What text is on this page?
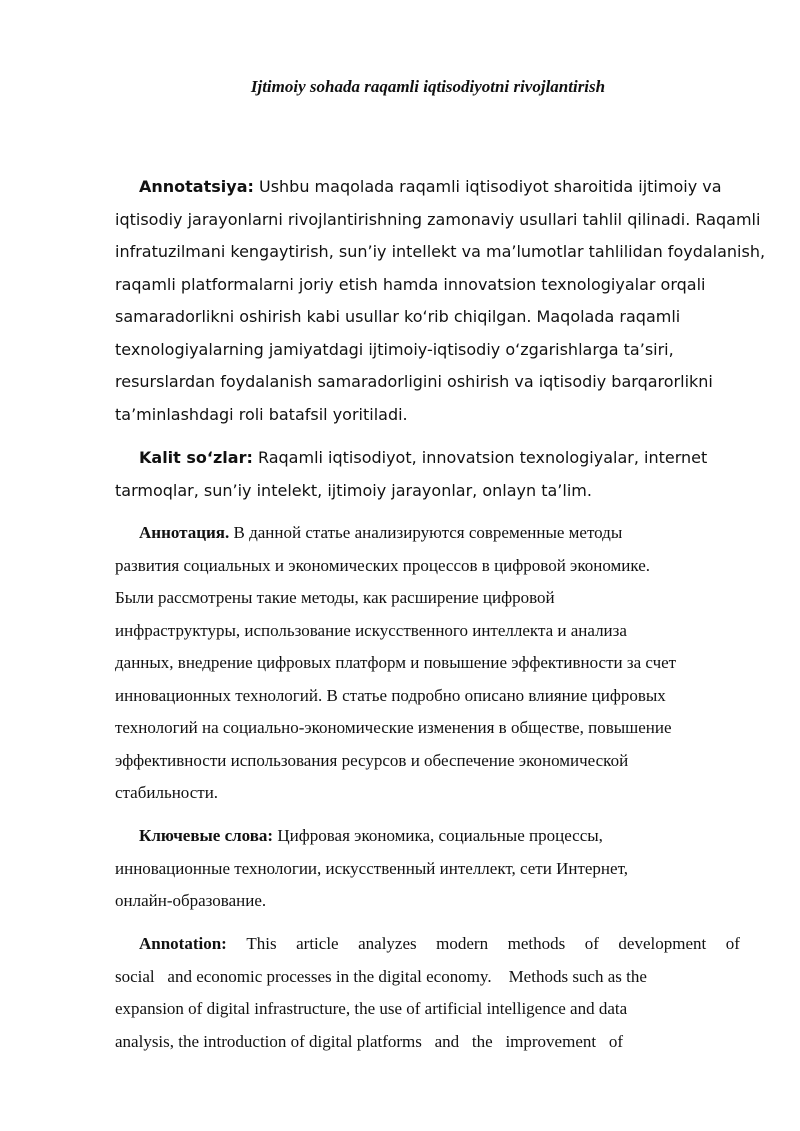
Ijtimoiy sohada raqamli iqtisodiyotni rivojlantirish
Annotatsiya: Ushbu maqolada raqamli iqtisodiyot sharoitida ijtimoiy va
iqtisodiy jarayonlarni rivojlantirishning zamonaviy usullari tahlil qilinadi. Raqamli
infratuzilmani kengaytirish, sun’iy intellekt va ma’lumotlar tahlilidan foydalanish,
raqamli platformalarni joriy etish hamda innovatsion texnologiyalar orqali
samaradorlikni oshirish kabi usullar ko‘rib chiqilgan. Maqolada raqamli
texnologiyalarning jamiyatdagi ijtimoiy-iqtisodiy o‘zgarishlarga ta’siri,
resurslardan foydalanish samaradorligini oshirish va iqtisodiy barqarorlikni
ta’minlashdagi roli batafsil yoritiladi.
Kalit so‘zlar: Raqamli iqtisodiyot, innovatsion texnologiyalar, internet
tarmoqlar, sun’iy intelekt, ijtimoiy jarayonlar, onlayn ta’lim.
Аннотация. В данной статье анализируются современные методы
развития социальных и экономических процессов в цифровой экономике.
Были рассмотрены такие методы, как расширение цифровой
инфраструктуры, использование искусственного интеллекта и анализа
данных, внедрение цифровых платформ и повышение эффективности за счет
инновационных технологий. В статье подробно описано влияние цифровых
технологий на социально-экономические изменения в обществе, повышение
эффективности использования ресурсов и обеспечение экономической
стабильности.
Ключевые слова: Цифровая экономика, социальные процессы,
инновационные технологии, искусственный интеллект, сети Интернет,
онлайн-образование.
Annotation: This article analyzes modern methods of development of
social   and economic processes in the digital economy.    Methods such as the
expansion of digital infrastructure, the use of artificial intelligence and data
analysis, the introduction of digital platforms   and   the   improvement   of
